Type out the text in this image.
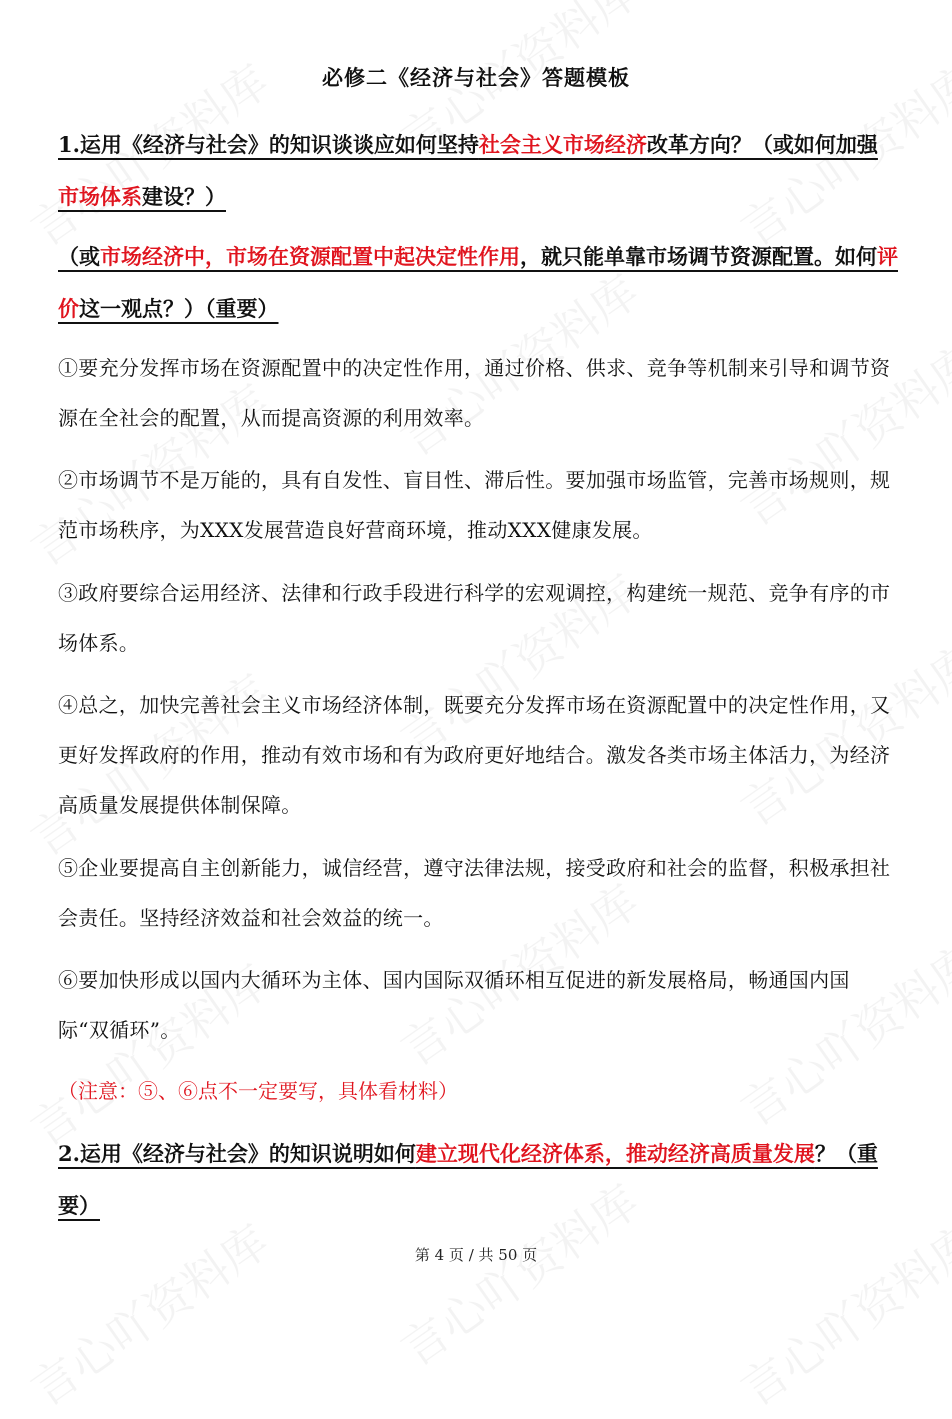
必修二《经济与社会》答题模板
1.运用《经济与社会》的知识谈谈应如何坚持社会主义市场经济改革方向？（或如何加强市场体系建设？）
（或市场经济中，市场在资源配置中起决定性作用，就只能单靠市场调节资源配置。如何评价这一观点？）（重要）
①要充分发挥市场在资源配置中的决定性作用，通过价格、供求、竞争等机制来引导和调节资源在全社会的配置，从而提高资源的利用效率。
②市场调节不是万能的，具有自发性、盲目性、滞后性。要加强市场监管，完善市场规则，规范市场秩序，为XXX发展营造良好营商环境，推动XXX健康发展。
③政府要综合运用经济、法律和行政手段进行科学的宏观调控，构建统一规范、竞争有序的市场体系。
④总之，加快完善社会主义市场经济体制，既要充分发挥市场在资源配置中的决定性作用，又更好发挥政府的作用，推动有效市场和有为政府更好地结合。激发各类市场主体活力，为经济高质量发展提供体制保障。
⑤企业要提高自主创新能力，诚信经营，遵守法律法规，接受政府和社会的监督，积极承担社会责任。坚持经济效益和社会效益的统一。
⑥要加快形成以国内大循环为主体、国内国际双循环相互促进的新发展格局，畅通国内国际“双循环”。
（注意：⑤、⑥点不一定要写，具体看材料）
2.运用《经济与社会》的知识说明如何建立现代化经济体系，推动经济高质量发展？（重要）
第 4 页 / 共 50 页
